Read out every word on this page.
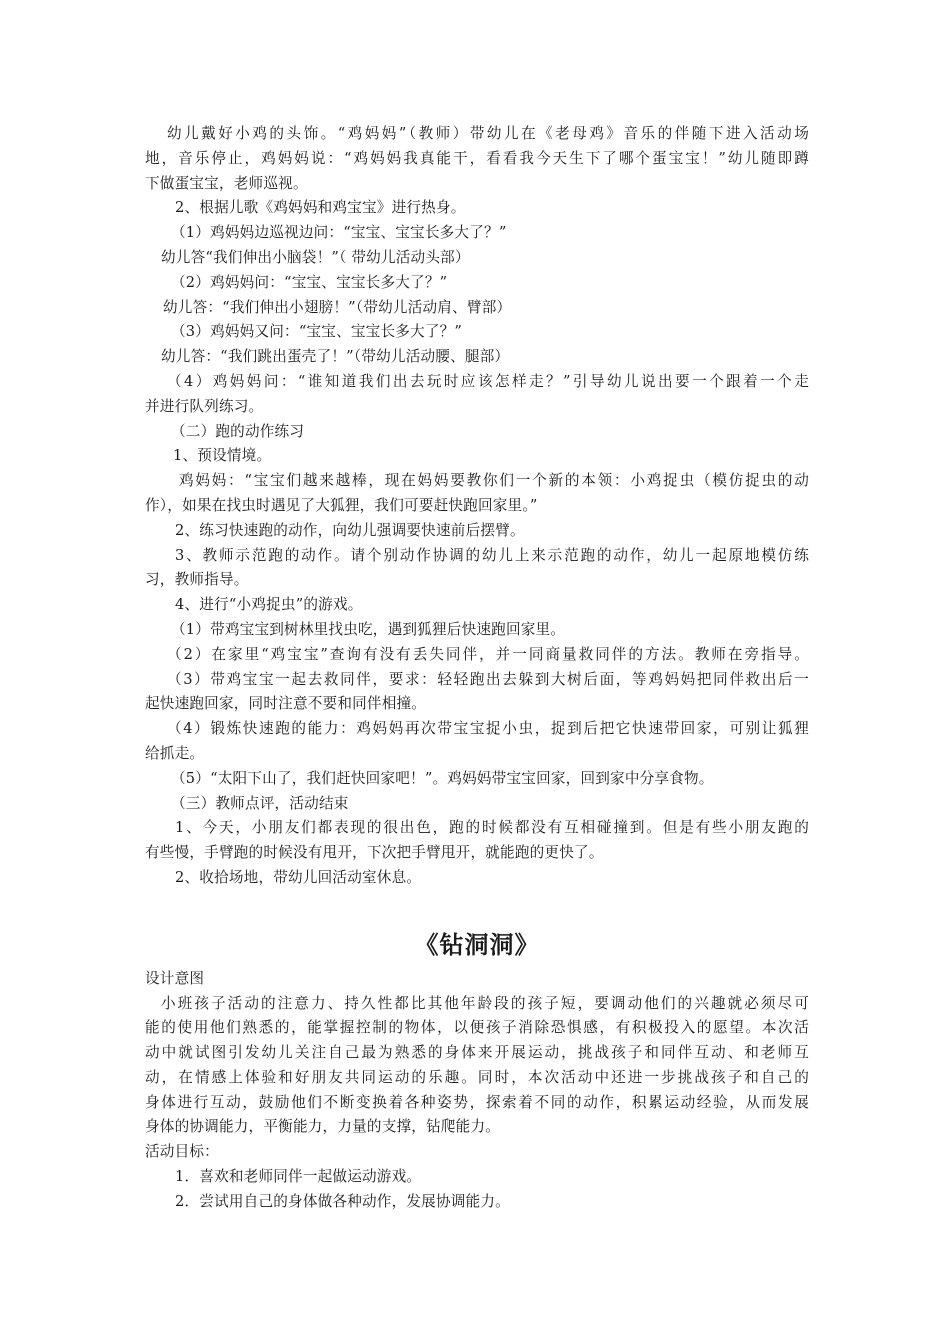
幼儿戴好小鸡的头饰。“鸡妈妈”（教师）带幼儿在《老母鸡》音乐的伴随下进入活动场
地，音乐停止，鸡妈妈说：“鸡妈妈我真能干，看看我今天生下了哪个蛋宝宝！”幼儿随即蹲
下做蛋宝宝，老师巡视。
2、根据儿歌《鸡妈妈和鸡宝宝》进行热身。
（1）鸡妈妈边巡视边问：“宝宝、宝宝长多大了？”
幼儿答“我们伸出小脑袋！”（ 带幼儿活动头部）
（2）鸡妈妈问：“宝宝、宝宝长多大了？”
幼儿答：“我们伸出小翅膀！”（带幼儿活动肩、臂部）
（3）鸡妈妈又问：“宝宝、宝宝长多大了？”
幼儿答：“我们跳出蛋壳了！”（带幼儿活动腰、腿部）
（4）鸡妈妈问：“谁知道我们出去玩时应该怎样走？”引导幼儿说出要一个跟着一个走
并进行队列练习。
（二）跑的动作练习
1、预设情境。
鸡妈妈：“宝宝们越来越棒，现在妈妈要教你们一个新的本领：小鸡捉虫（模仿捉虫的动
作），如果在找虫时遇见了大狐狸，我们可要赶快跑回家里。”
2、练习快速跑的动作，向幼儿强调要快速前后摆臂。
3、教师示范跑的动作。请个别动作协调的幼儿上来示范跑的动作，幼儿一起原地模仿练
习，教师指导。
4、进行“小鸡捉虫”的游戏。
（1）带鸡宝宝到树林里找虫吃，遇到狐狸后快速跑回家里。
（2）在家里“鸡宝宝”查询有没有丢失同伴，并一同商量救同伴的方法。教师在旁指导。
（3）带鸡宝宝一起去救同伴，要求：轻轻跑出去躲到大树后面，等鸡妈妈把同伴救出后一
起快速跑回家，同时注意不要和同伴相撞。
（4）锻炼快速跑的能力：鸡妈妈再次带宝宝捉小虫，捉到后把它快速带回家，可别让狐狸
给抓走。
（5）“太阳下山了，我们赶快回家吧！”。鸡妈妈带宝宝回家，回到家中分享食物。
（三）教师点评，活动结束
1、今天，小朋友们都表现的很出色，跑的时候都没有互相碰撞到。但是有些小朋友跑的
有些慢，手臂跑的时候没有甩开，下次把手臂甩开，就能跑的更快了。
2、收拾场地，带幼儿回活动室休息。
《钻洞洞》
设计意图
小班孩子活动的注意力、持久性都比其他年龄段的孩子短，要调动他们的兴趣就必须尽可
能的使用他们熟悉的，能掌握控制的物体，以便孩子消除恐惧感，有积极投入的愿望。本次活
动中就试图引发幼儿关注自己最为熟悉的身体来开展运动，挑战孩子和同伴互动、和老师互
动，在情感上体验和好朋友共同运动的乐趣。同时，本次活动中还进一步挑战孩子和自己的
身体进行互动，鼓励他们不断变换着各种姿势，探索着不同的动作，积累运动经验，从而发展
身体的协调能力，平衡能力，力量的支撑，钻爬能力。
活动目标：
1．喜欢和老师同伴一起做运动游戏。
2．尝试用自己的身体做各种动作，发展协调能力。
